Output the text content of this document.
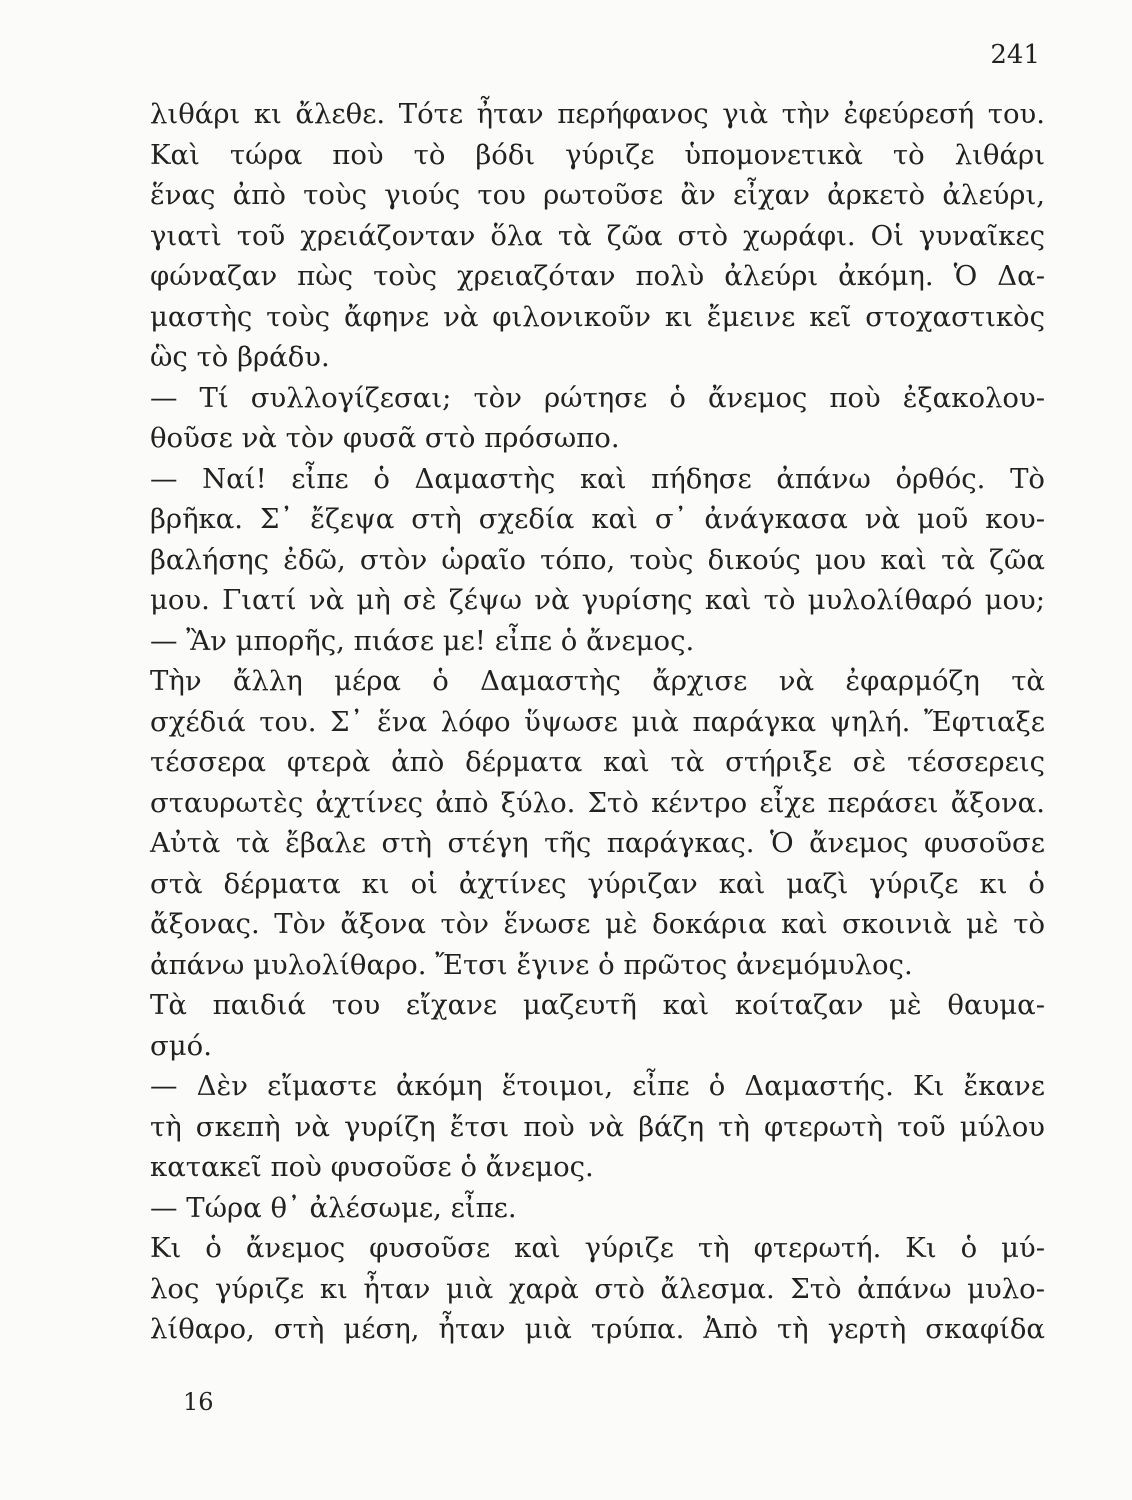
241
λιθάρι κι ἄλεθε. Τότε ἦταν περήφανος γιὰ τὴν ἐφεύρεσή του.
Καὶ τώρα ποὺ τὸ βόδι γύριζε ὑπομονετικὰ τὸ λιθάρι
ἕνας ἀπὸ τοὺς γιούς του ρωτοῦσε ἂν εἶχαν ἀρκετὸ ἀλεύρι,
γιατὶ τοῦ χρειάζονταν ὅλα τὰ ζῶα στὸ χωράφι. Οἱ γυναῖκες
φώναζαν πὼς τοὺς χρειαζόταν πολὺ ἀλεύρι ἀκόμη. Ὁ Δα-
μαστὴς τοὺς ἄφηνε νὰ φιλονικοῦν κι ἔμεινε κεῖ στοχαστικὸς
ὣς τὸ βράδυ.
— Τί συλλογίζεσαι; τὸν ρώτησε ὁ ἄνεμος ποὺ ἐξακολου-
θοῦσε νὰ τὸν φυσᾶ στὸ πρόσωπο.
— Ναί! εἶπε ὁ Δαμαστὴς καὶ πήδησε ἀπάνω ὀρθός. Τὸ
βρῆκα. Σ᾿ ἔζεψα στὴ σχεδία καὶ σ᾿ ἀνάγκασα νὰ μοῦ κου-
βαλήσης ἐδῶ, στὸν ὡραῖο τόπο, τοὺς δικούς μου καὶ τὰ ζῶα
μου. Γιατί νὰ μὴ σὲ ζέψω νὰ γυρίσης καὶ τὸ μυλολίθαρό μου;
— Ἂν μπορῆς, πιάσε με! εἶπε ὁ ἄνεμος.
Τὴν ἄλλη μέρα ὁ Δαμαστὴς ἄρχισε νὰ ἐφαρμόζη τὰ
σχέδιά του. Σ᾿ ἕνα λόφο ὕψωσε μιὰ παράγκα ψηλή. Ἔφτιαξε
τέσσερα φτερὰ ἀπὸ δέρματα καὶ τὰ στήριξε σὲ τέσσερεις
σταυρωτὲς ἀχτίνες ἀπὸ ξύλο. Στὸ κέντρο εἶχε περάσει ἄξονα.
Αὐτὰ τὰ ἔβαλε στὴ στέγη τῆς παράγκας. Ὁ ἄνεμος φυσοῦσε
στὰ δέρματα κι οἱ ἀχτίνες γύριζαν καὶ μαζὶ γύριζε κι ὁ
ἄξονας. Τὸν ἄξονα τὸν ἕνωσε μὲ δοκάρια καὶ σκοινιὰ μὲ τὸ
ἀπάνω μυλολίθαρο. Ἔτσι ἔγινε ὁ πρῶτος ἀνεμόμυλος.
Τὰ παιδιά του εἴχανε μαζευτῆ καὶ κοίταζαν μὲ θαυμα-
σμό.
— Δὲν εἴμαστε ἀκόμη ἕτοιμοι, εἶπε ὁ Δαμαστής. Κι ἔκανε
τὴ σκεπὴ νὰ γυρίζη ἔτσι ποὺ νὰ βάζη τὴ φτερωτὴ τοῦ μύλου
κατακεῖ ποὺ φυσοῦσε ὁ ἄνεμος.
— Τώρα θ᾿ ἀλέσωμε, εἶπε.
Κι ὁ ἄνεμος φυσοῦσε καὶ γύριζε τὴ φτερωτή. Κι ὁ μύ-
λος γύριζε κι ἦταν μιὰ χαρὰ στὸ ἄλεσμα. Στὸ ἀπάνω μυλο-
λίθαρο, στὴ μέση, ἦταν μιὰ τρύπα. Ἀπὸ τὴ γερτὴ σκαφίδα
16
